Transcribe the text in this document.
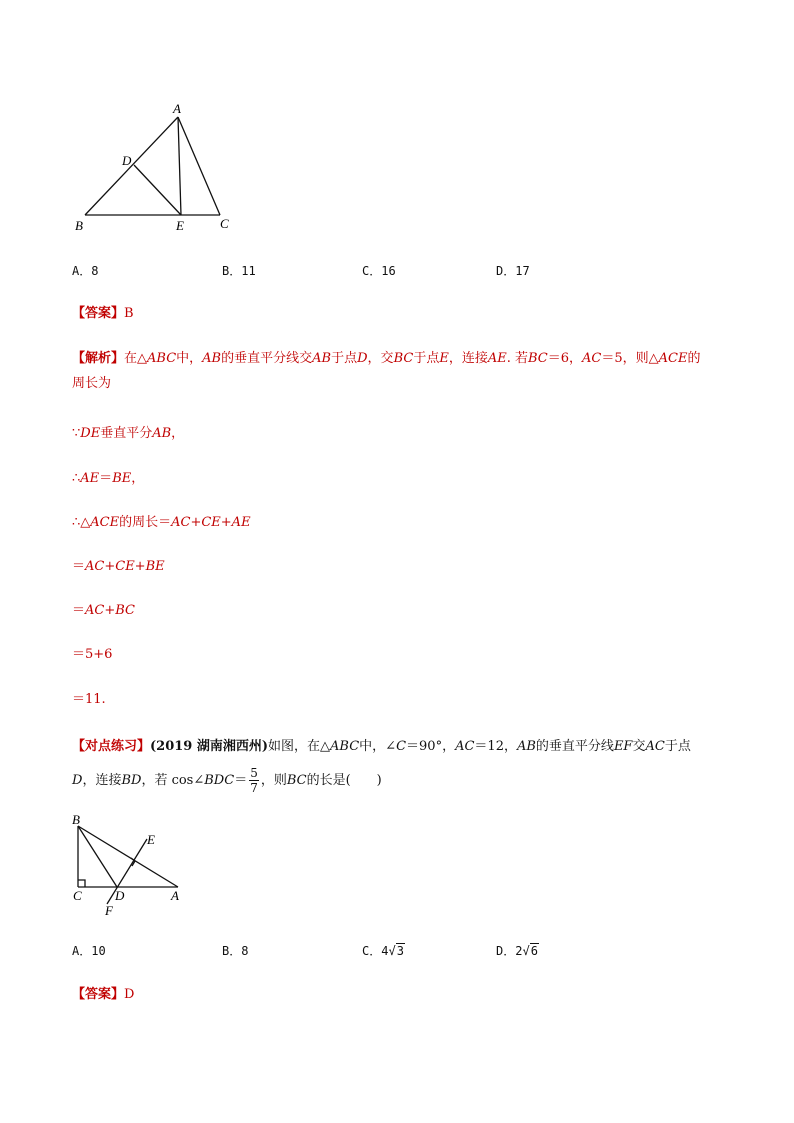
A
B	C
D
E
A．8	B．11	C．16	D．17
【答案】B
【解析】在△ABC中，AB的垂直平分线交AB于点D，交BC于点E，连接AE. 若BC＝6，AC＝5，则△ACE的
周长为
∵DE垂直平分AB，
∴AE＝BE，
∴△ACE的周长＝AC+CE+AE
＝AC+CE+BE
＝AC+BC
＝5+6
＝11.
【对点练习】(2019 湖南湘西州)如图，在△ABC中，∠C＝90°，AC＝12，AB的垂直平分线EF交AC于点
D，连接BD，若 cos∠BDC＝ $\frac{5}{7}$ ，则BC的长是(　　)
B
C	D	A
E
F
A．10	B．8	C．4√3	D．2√6
【答案】D
